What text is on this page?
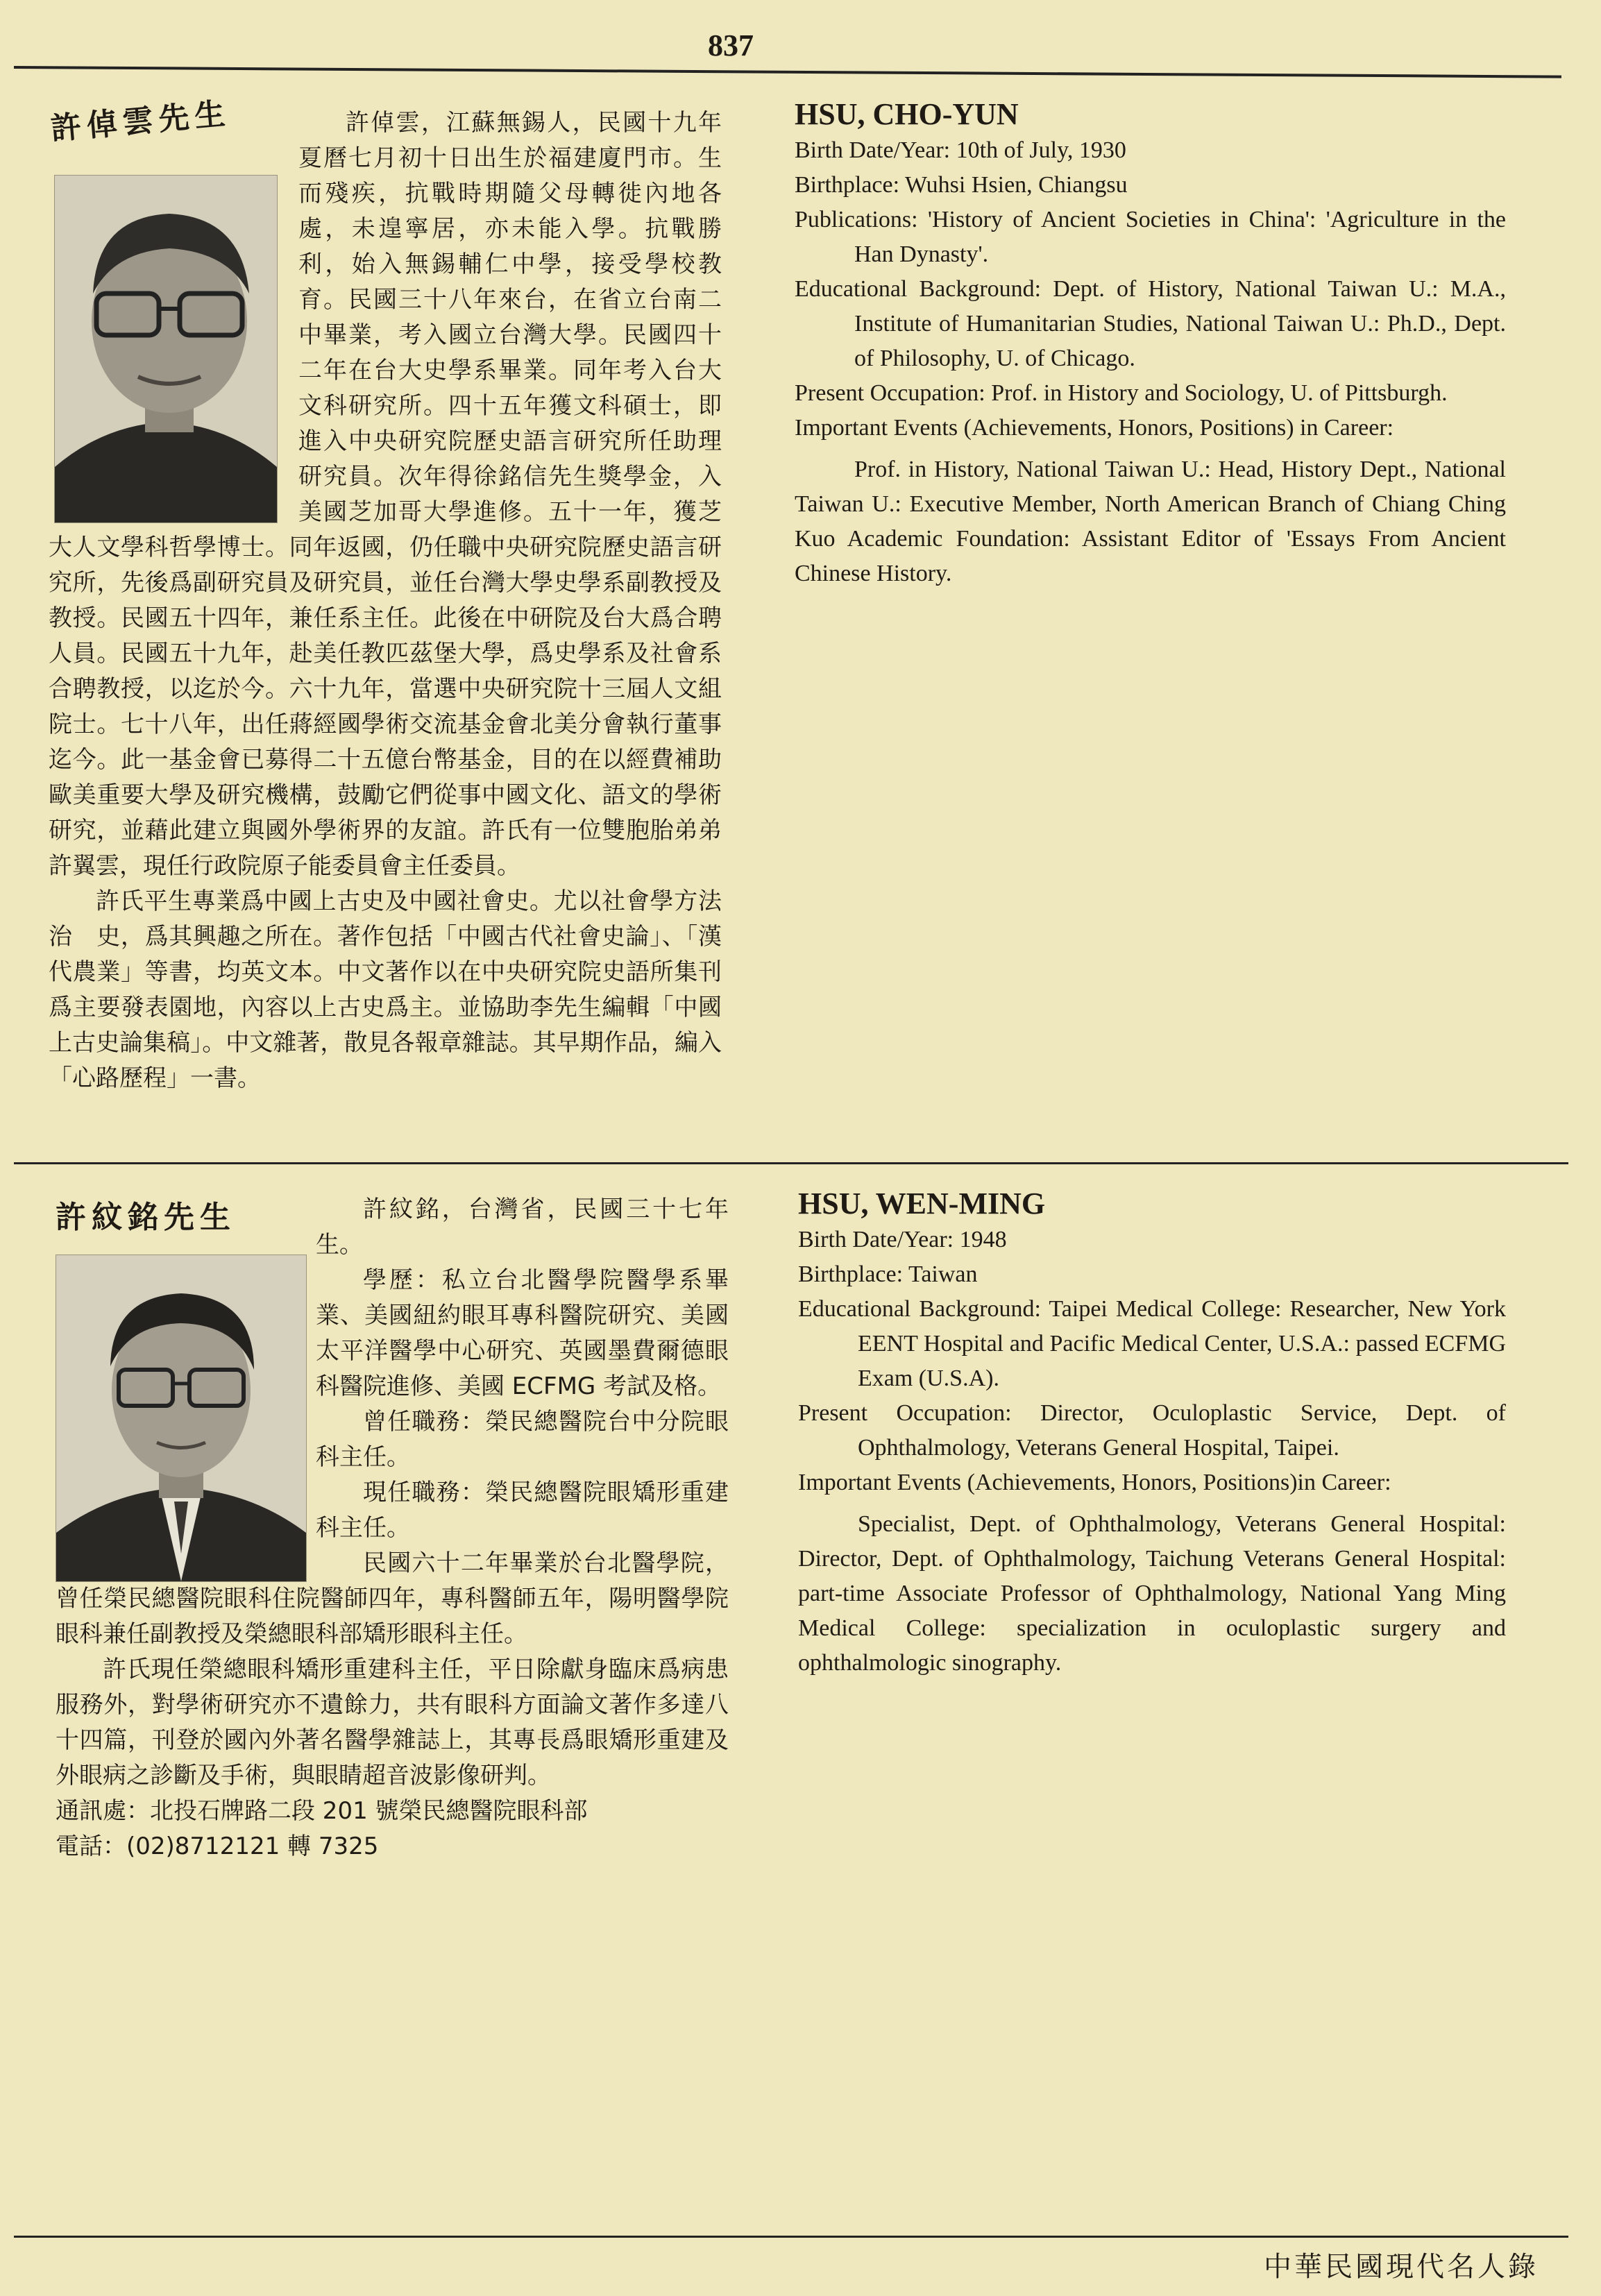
837
許倬雲先生	許倬雲，江蘇無錫人，民國十九年夏曆七月初十日出生於福建廈門市。生而殘疾，抗戰時期隨父母轉徙內地各處，未遑寧居，亦未能入學。抗戰勝利，始入無錫輔仁中學，接受學校教育。民國三十八年來台，在省立台南二中畢業，考入國立台灣大學。民國四十二年在台大史學系畢業。同年考入台大文科研究所。四十五年獲文科碩士，即進入中央研究院歷史語言研究所任助理研究員。次年得徐銘信先生獎學金，入美國芝加哥大學進修。五十一年，獲芝大人文學科哲學博士。同年返國，仍任職中央研究院歷史語言研究所，先後爲副研究員及研究員，並任台灣大學史學系副教授及教授。民國五十四年，兼任系主任。此後在中研院及台大爲合聘人員。民國五十九年，赴美任教匹茲堡大學，爲史學系及社會系合聘教授，以迄於今。六十九年，當選中央研究院十三屆人文組院士。七十八年，出任蔣經國學術交流基金會北美分會執行董事迄今。此一基金會已募得二十五億台幣基金，目的在以經費補助歐美重要大學及研究機構，鼓勵它們從事中國文化、語文的學術研究，並藉此建立與國外學術界的友誼。許氏有一位雙胞胎弟弟許翼雲，現任行政院原子能委員會主任委員。

許氏平生專業爲中國上古史及中國社會史。尤以社會學方法治　史，爲其興趣之所在。著作包括「中國古代社會史論」、「漢代農業」等書，均英文本。中文著作以在中央研究院史語所集刊爲主要發表園地，內容以上古史爲主。並協助李先生編輯「中國上古史論集稿」。中文雜著，散見各報章雜誌。其早期作品，編入「心路歷程」一書。

HSU, CHO-YUN
Birth Date/Year: 10th of July, 1930
Birthplace: Wuhsi Hsien, Chiangsu
Publications: 'History of Ancient Societies in China': 'Agriculture in the Han Dynasty'.
Educational Background: Dept. of History, National Taiwan U.: M.A., Institute of Humanitarian Studies, National Taiwan U.: Ph.D., Dept. of Philosophy, U. of Chicago.
Present Occupation: Prof. in History and Sociology, U. of Pittsburgh.
Important Events (Achievements, Honors, Positions) in Career:
Prof. in History, National Taiwan U.: Head, History Dept., National Taiwan U.: Executive Member, North American Branch of Chiang Ching Kuo Academic Foundation: Assistant Editor of 'Essays From Ancient Chinese History.
許紋銘先生	許紋銘，台灣省，民國三十七年生。

學歷：私立台北醫學院醫學系畢業、美國紐約眼耳專科醫院研究、美國太平洋醫學中心研究、英國墨費爾德眼科醫院進修、美國 ECFMG 考試及格。

曾任職務：榮民總醫院台中分院眼科主任。

現任職務：榮民總醫院眼矯形重建科主任。

民國六十二年畢業於台北醫學院，曾任榮民總醫院眼科住院醫師四年，專科醫師五年，陽明醫學院眼科兼任副教授及榮總眼科部矯形眼科主任。

許氏現任榮總眼科矯形重建科主任，平日除獻身臨床爲病患服務外，對學術研究亦不遺餘力，共有眼科方面論文著作多達八十四篇，刊登於國內外著名醫學雜誌上，其專長爲眼矯形重建及外眼病之診斷及手術，與眼睛超音波影像研判。

通訊處：北投石牌路二段 201 號榮民總醫院眼科部
電話：(02)8712121 轉 7325
HSU, WEN-MING
Birth Date/Year: 1948
Birthplace: Taiwan
Educational Background: Taipei Medical College: Researcher, New York EENT Hospital and Pacific Medical Center, U.S.A.: passed ECFMG Exam (U.S.A).
Present Occupation: Director, Oculoplastic Service, Dept. of Ophthalmology, Veterans General Hospital, Taipei.
Important Events (Achievements, Honors, Positions)in Career:
Specialist, Dept. of Ophthalmology, Veterans General Hospital: Director, Dept. of Ophthalmology, Taichung Veterans General Hospital: part-time Associate Professor of Ophthalmology, National Yang Ming Medical College: specialization in oculoplastic surgery and ophthalmologic sinography.
中華民國現代名人錄
